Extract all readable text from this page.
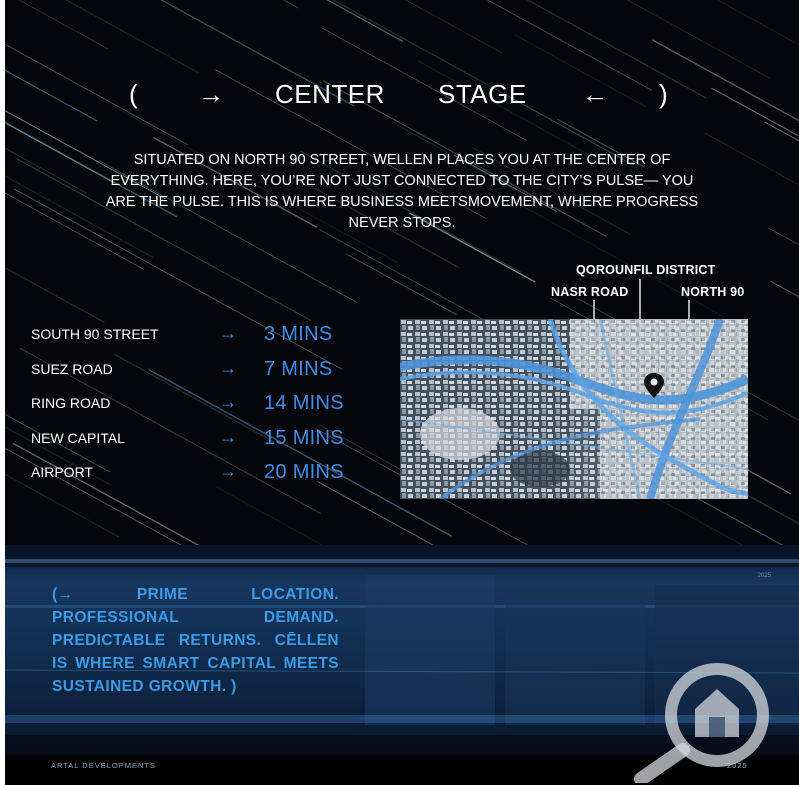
( → CENTER STAGE ← )
SITUATED ON NORTH 90 STREET, WELLEN PLACES YOU AT THE CENTER OF EVERYTHING. HERE, YOU’RE NOT JUST CONNECTED TO THE CITY’S PULSE— YOU ARE THE PULSE. THIS IS WHERE BUSINESS MEETSMOVEMENT, WHERE PROGRESS NEVER STOPS.
SOUTH 90 STREET	→ 3 MINS
SUEZ ROAD	→ 7 MINS
RING ROAD	→ 14 MINS
NEW CAPITAL	→ 15 MINS
AIRPORT	→ 20 MINS
QOROUNFIL DISTRICT
NASR ROAD	NORTH 90
2025
(→ PRIME LOCATION. PROFESSIONAL DEMAND. PREDICTABLE RETURNS. CĒLLEN IS WHERE SMART CAPITAL MEETS SUSTAINED GROWTH. )
ARTAL DEVELOPMENTS	2025
